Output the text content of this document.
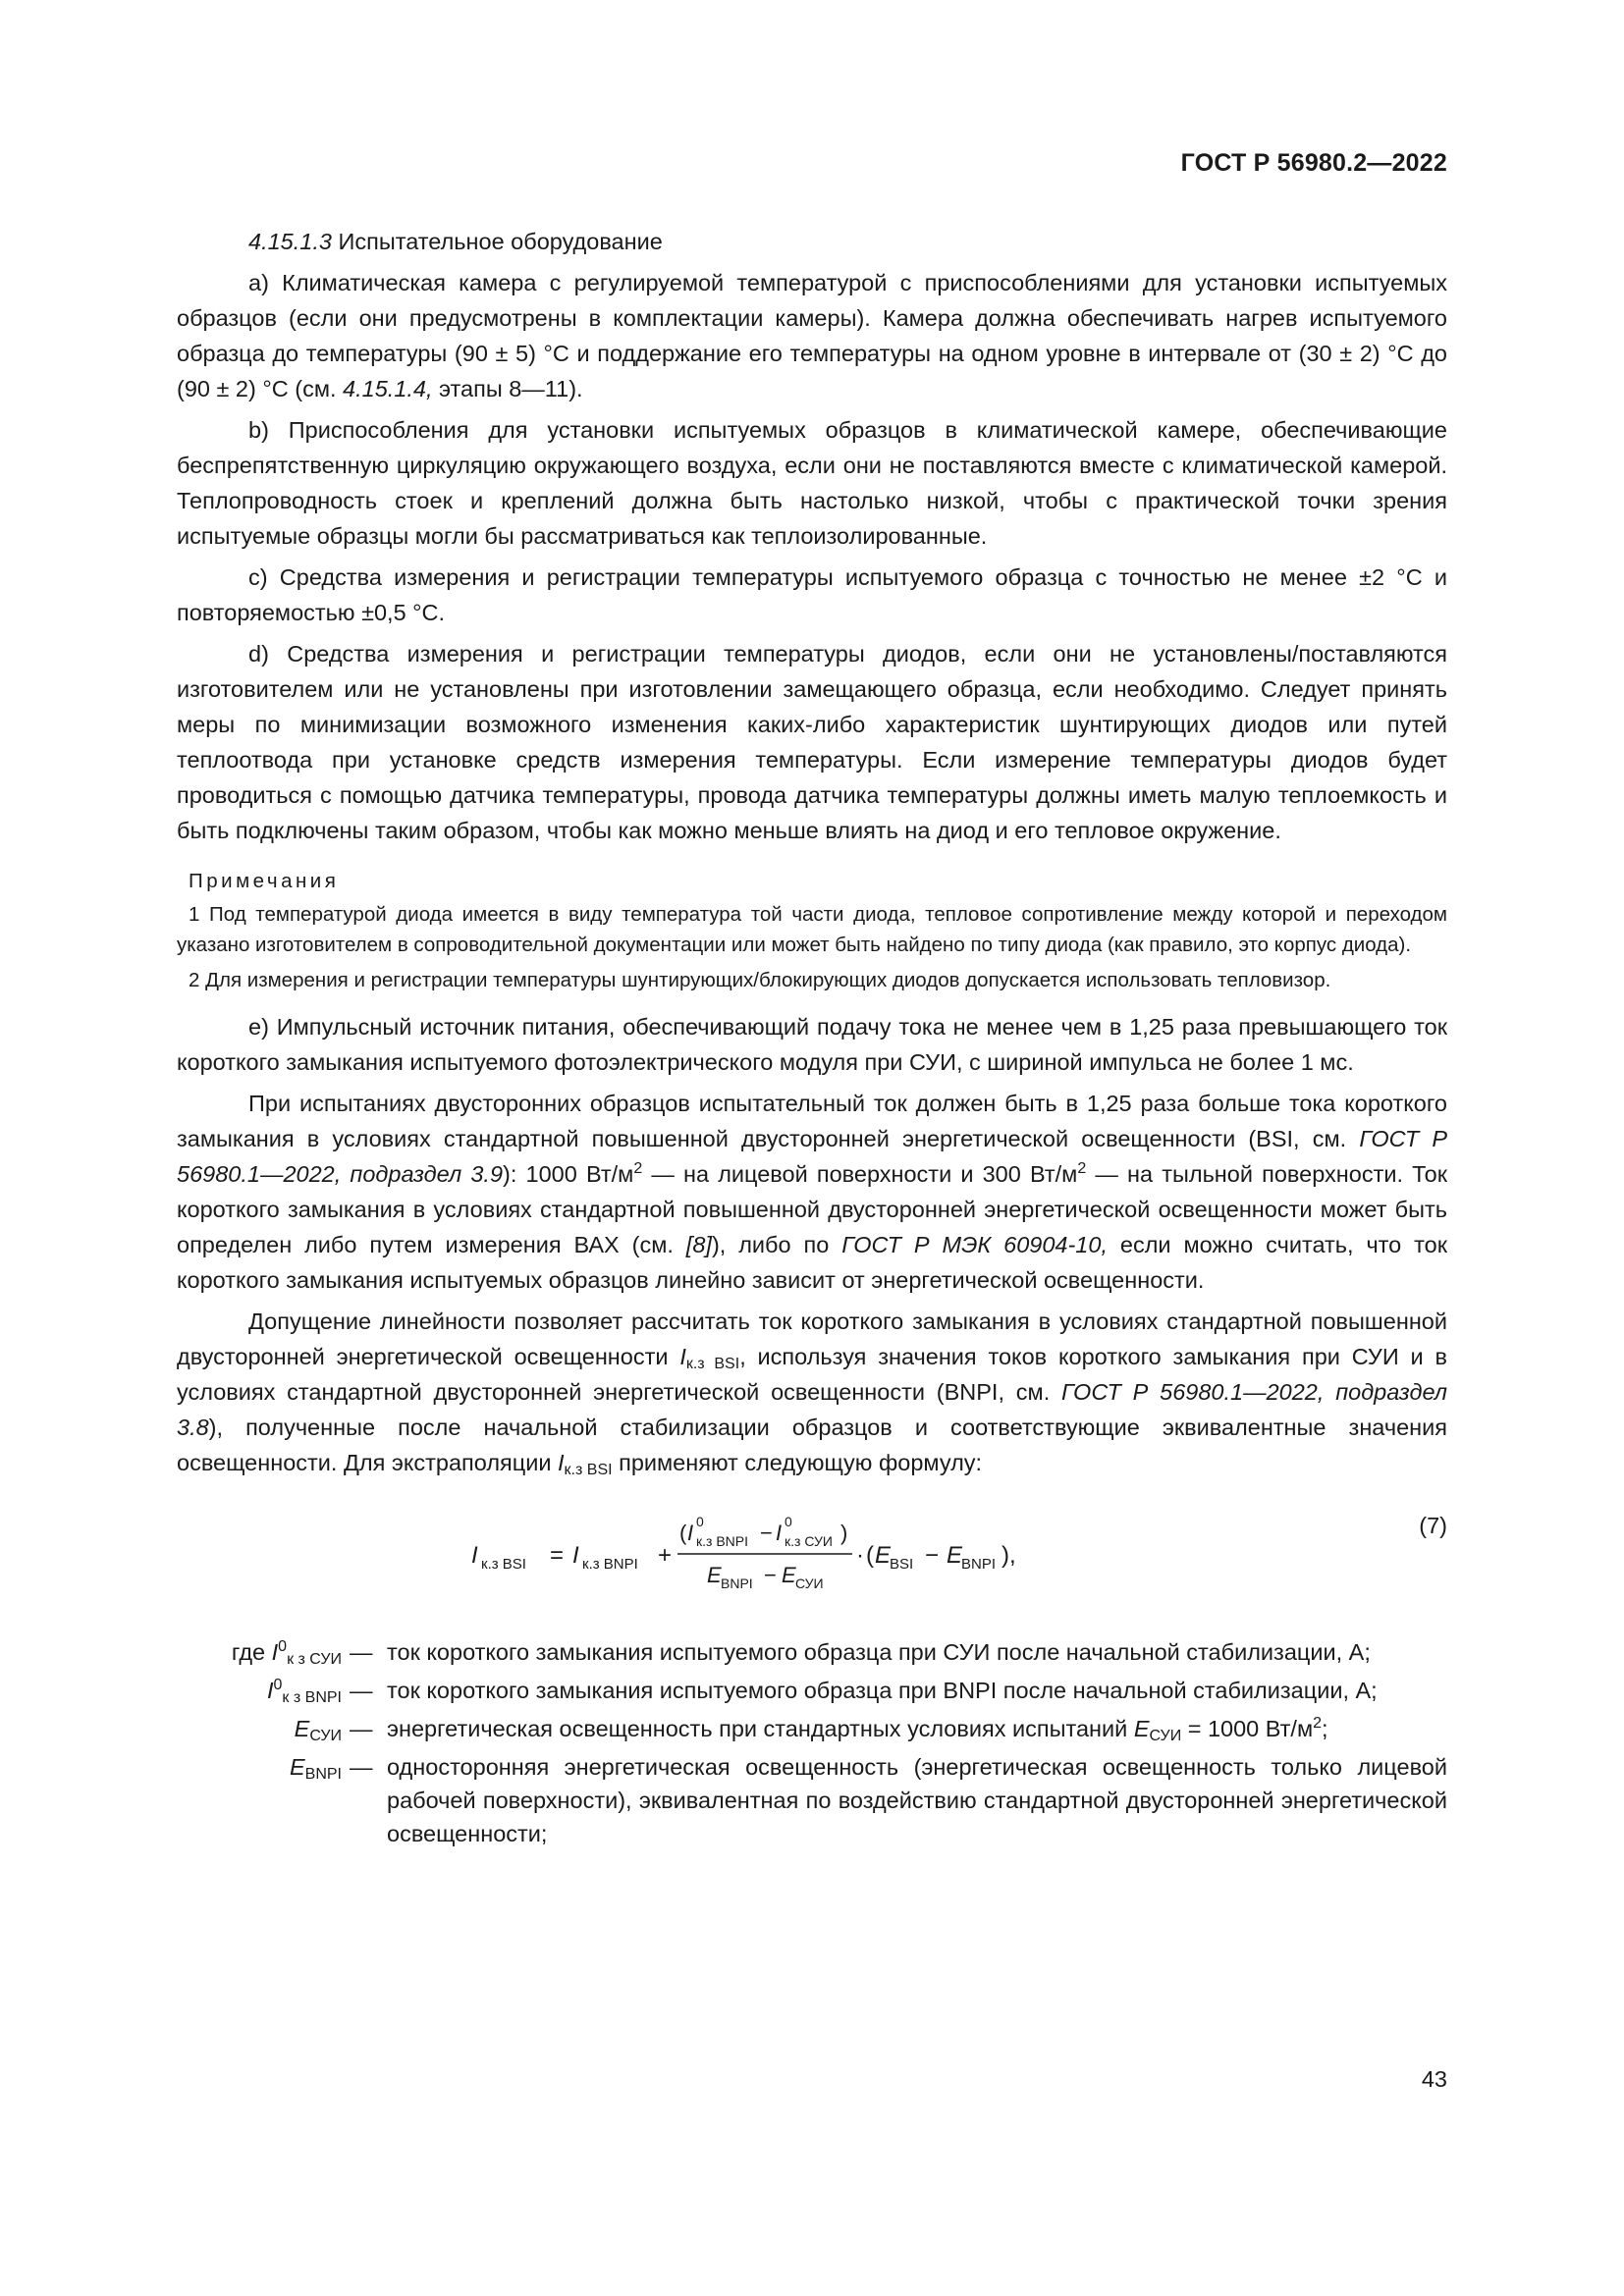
ГОСТ Р 56980.2—2022

4.15.1.3 Испытательное оборудование

а) Климатическая камера с регулируемой температурой с приспособлениями для установки испытуемых образцов (если они предусмотрены в комплектации камеры). Камера должна обеспечивать нагрев испытуемого образца до температуры (90 ± 5) °С и поддержание его температуры на одном уровне в интервале от (30 ± 2) °С до (90 ± 2) °С (см. 4.15.1.4, этапы 8—11).

b) Приспособления для установки испытуемых образцов в климатической камере, обеспечивающие беспрепятственную циркуляцию окружающего воздуха, если они не поставляются вместе с климатической камерой. Теплопроводность стоек и креплений должна быть настолько низкой, чтобы с практической точки зрения испытуемые образцы могли бы рассматриваться как теплоизолированные.

c) Средства измерения и регистрации температуры испытуемого образца с точностью не менее ±2 °С и повторяемостью ±0,5 °С.

d) Средства измерения и регистрации температуры диодов, если они не установлены/поставляются изготовителем или не установлены при изготовлении замещающего образца, если необходимо. Следует принять меры по минимизации возможного изменения каких-либо характеристик шунтирующих диодов или путей теплоотвода при установке средств измерения температуры. Если измерение температуры диодов будет проводиться с помощью датчика температуры, провода датчика температуры должны иметь малую теплоемкость и быть подключены таким образом, чтобы как можно меньше влиять на диод и его тепловое окружение.

Примечания

1 Под температурой диода имеется в виду температура той части диода, тепловое сопротивление между которой и переходом указано изготовителем в сопроводительной документации или может быть найдено по типу диода (как правило, это корпус диода).

2 Для измерения и регистрации температуры шунтирующих/блокирующих диодов допускается использовать тепловизор.

е) Импульсный источник питания, обеспечивающий подачу тока не менее чем в 1,25 раза превышающего ток короткого замыкания испытуемого фотоэлектрического модуля при СУИ, с шириной импульса не более 1 мс.

При испытаниях двусторонних образцов испытательный ток должен быть в 1,25 раза больше тока короткого замыкания в условиях стандартной повышенной двусторонней энергетической освещенности (BSI, см. ГОСТ Р 56980.1—2022, подраздел 3.9): 1000 $Вт/м^2$ — на лицевой поверхности и 300 $Вт/м^2$ — на тыльной поверхности. Ток короткого замыкания в условиях стандартной повышенной двусторонней энергетической освещенности может быть определен либо путем измерения ВАХ (см. [8]), либо по ГОСТ Р МЭК 60904-10, если можно считать, что ток короткого замыкания испытуемых образцов линейно зависит от энергетической освещенности.

Допущение линейности позволяет рассчитать ток короткого замыкания в условиях стандартной повышенной двусторонней энергетической освещенности $I_{к.з BSI}$, используя значения токов короткого замыкания при СУИ и в условиях стандартной двусторонней энергетической освещенности (BNPI, см. ГОСТ Р 56980.1—2022, подраздел 3.8), полученные после начальной стабилизации образцов и соответствующие эквивалентные значения освещенности. Для экстраполяции $I_{к.з BSI}$ применяют следующую формулу:

I к.з BSI = I к.з BNPI +
( I 0
к.з BNPI − I 0
к.з СУИ )
E BNPI − E СУИ
· ( E
BSI − E
BNPI ),
(7)
где $I^0_{к з СУИ}$	—	ток короткого замыкания испытуемого образца при СУИ после начальной стабилизации, А;
$I^0_{к з BNPI}$	—	ток короткого замыкания испытуемого образца при BNPI после начальной стабилизации, А;
$E_{СУИ}$	—	энергетическая освещенность при стандартных условиях испытаний $E_{СУИ} = 1000$ $Вт/м^2$;
$E_{BNPI}$	—	односторонняя энергетическая освещенность (энергетическая освещенность только лицевой рабочей поверхности), эквивалентная по воздействию стандартной двусторонней энергетической освещенности;
43
